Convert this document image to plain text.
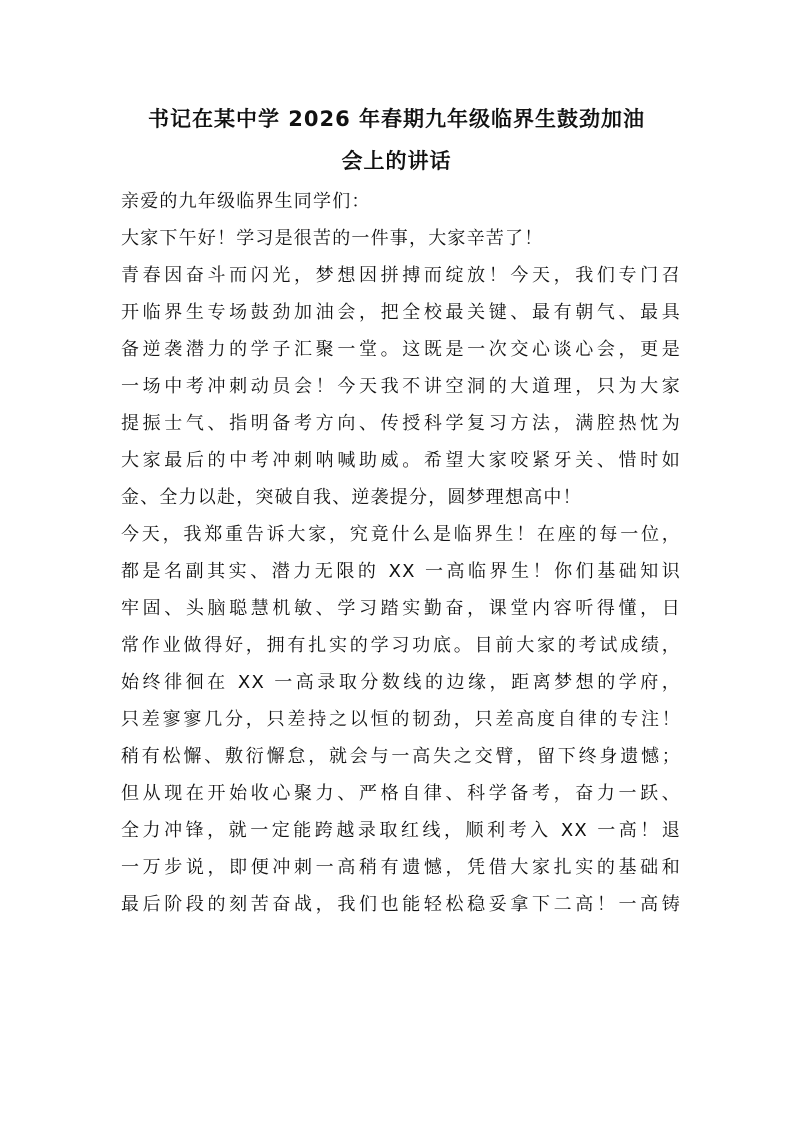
书记在某中学 2026 年春期九年级临界生鼓劲加油
会上的讲话
亲爱的九年级临界生同学们：
大家下午好！学习是很苦的一件事，大家辛苦了！
青春因奋斗而闪光，梦想因拼搏而绽放！今天，我们专门召
开临界生专场鼓劲加油会，把全校最关键、最有朝气、最具
备逆袭潜力的学子汇聚一堂。这既是一次交心谈心会，更是
一场中考冲刺动员会！今天我不讲空洞的大道理，只为大家
提振士气、指明备考方向、传授科学复习方法，满腔热忱为
大家最后的中考冲刺呐喊助威。希望大家咬紧牙关、惜时如
金、全力以赴，突破自我、逆袭提分，圆梦理想高中！
今天，我郑重告诉大家，究竟什么是临界生！在座的每一位，
都是名副其实、潜力无限的 XX 一高临界生！你们基础知识
牢固、头脑聪慧机敏、学习踏实勤奋，课堂内容听得懂，日
常作业做得好，拥有扎实的学习功底。目前大家的考试成绩，
始终徘徊在 XX 一高录取分数线的边缘，距离梦想的学府，
只差寥寥几分，只差持之以恒的韧劲，只差高度自律的专注！
稍有松懈、敷衍懈怠，就会与一高失之交臂，留下终身遗憾；
但从现在开始收心聚力、严格自律、科学备考，奋力一跃、
全力冲锋，就一定能跨越录取红线，顺利考入 XX 一高！退
一万步说，即便冲刺一高稍有遗憾，凭借大家扎实的基础和
最后阶段的刻苦奋战，我们也能轻松稳妥拿下二高！一高铸
